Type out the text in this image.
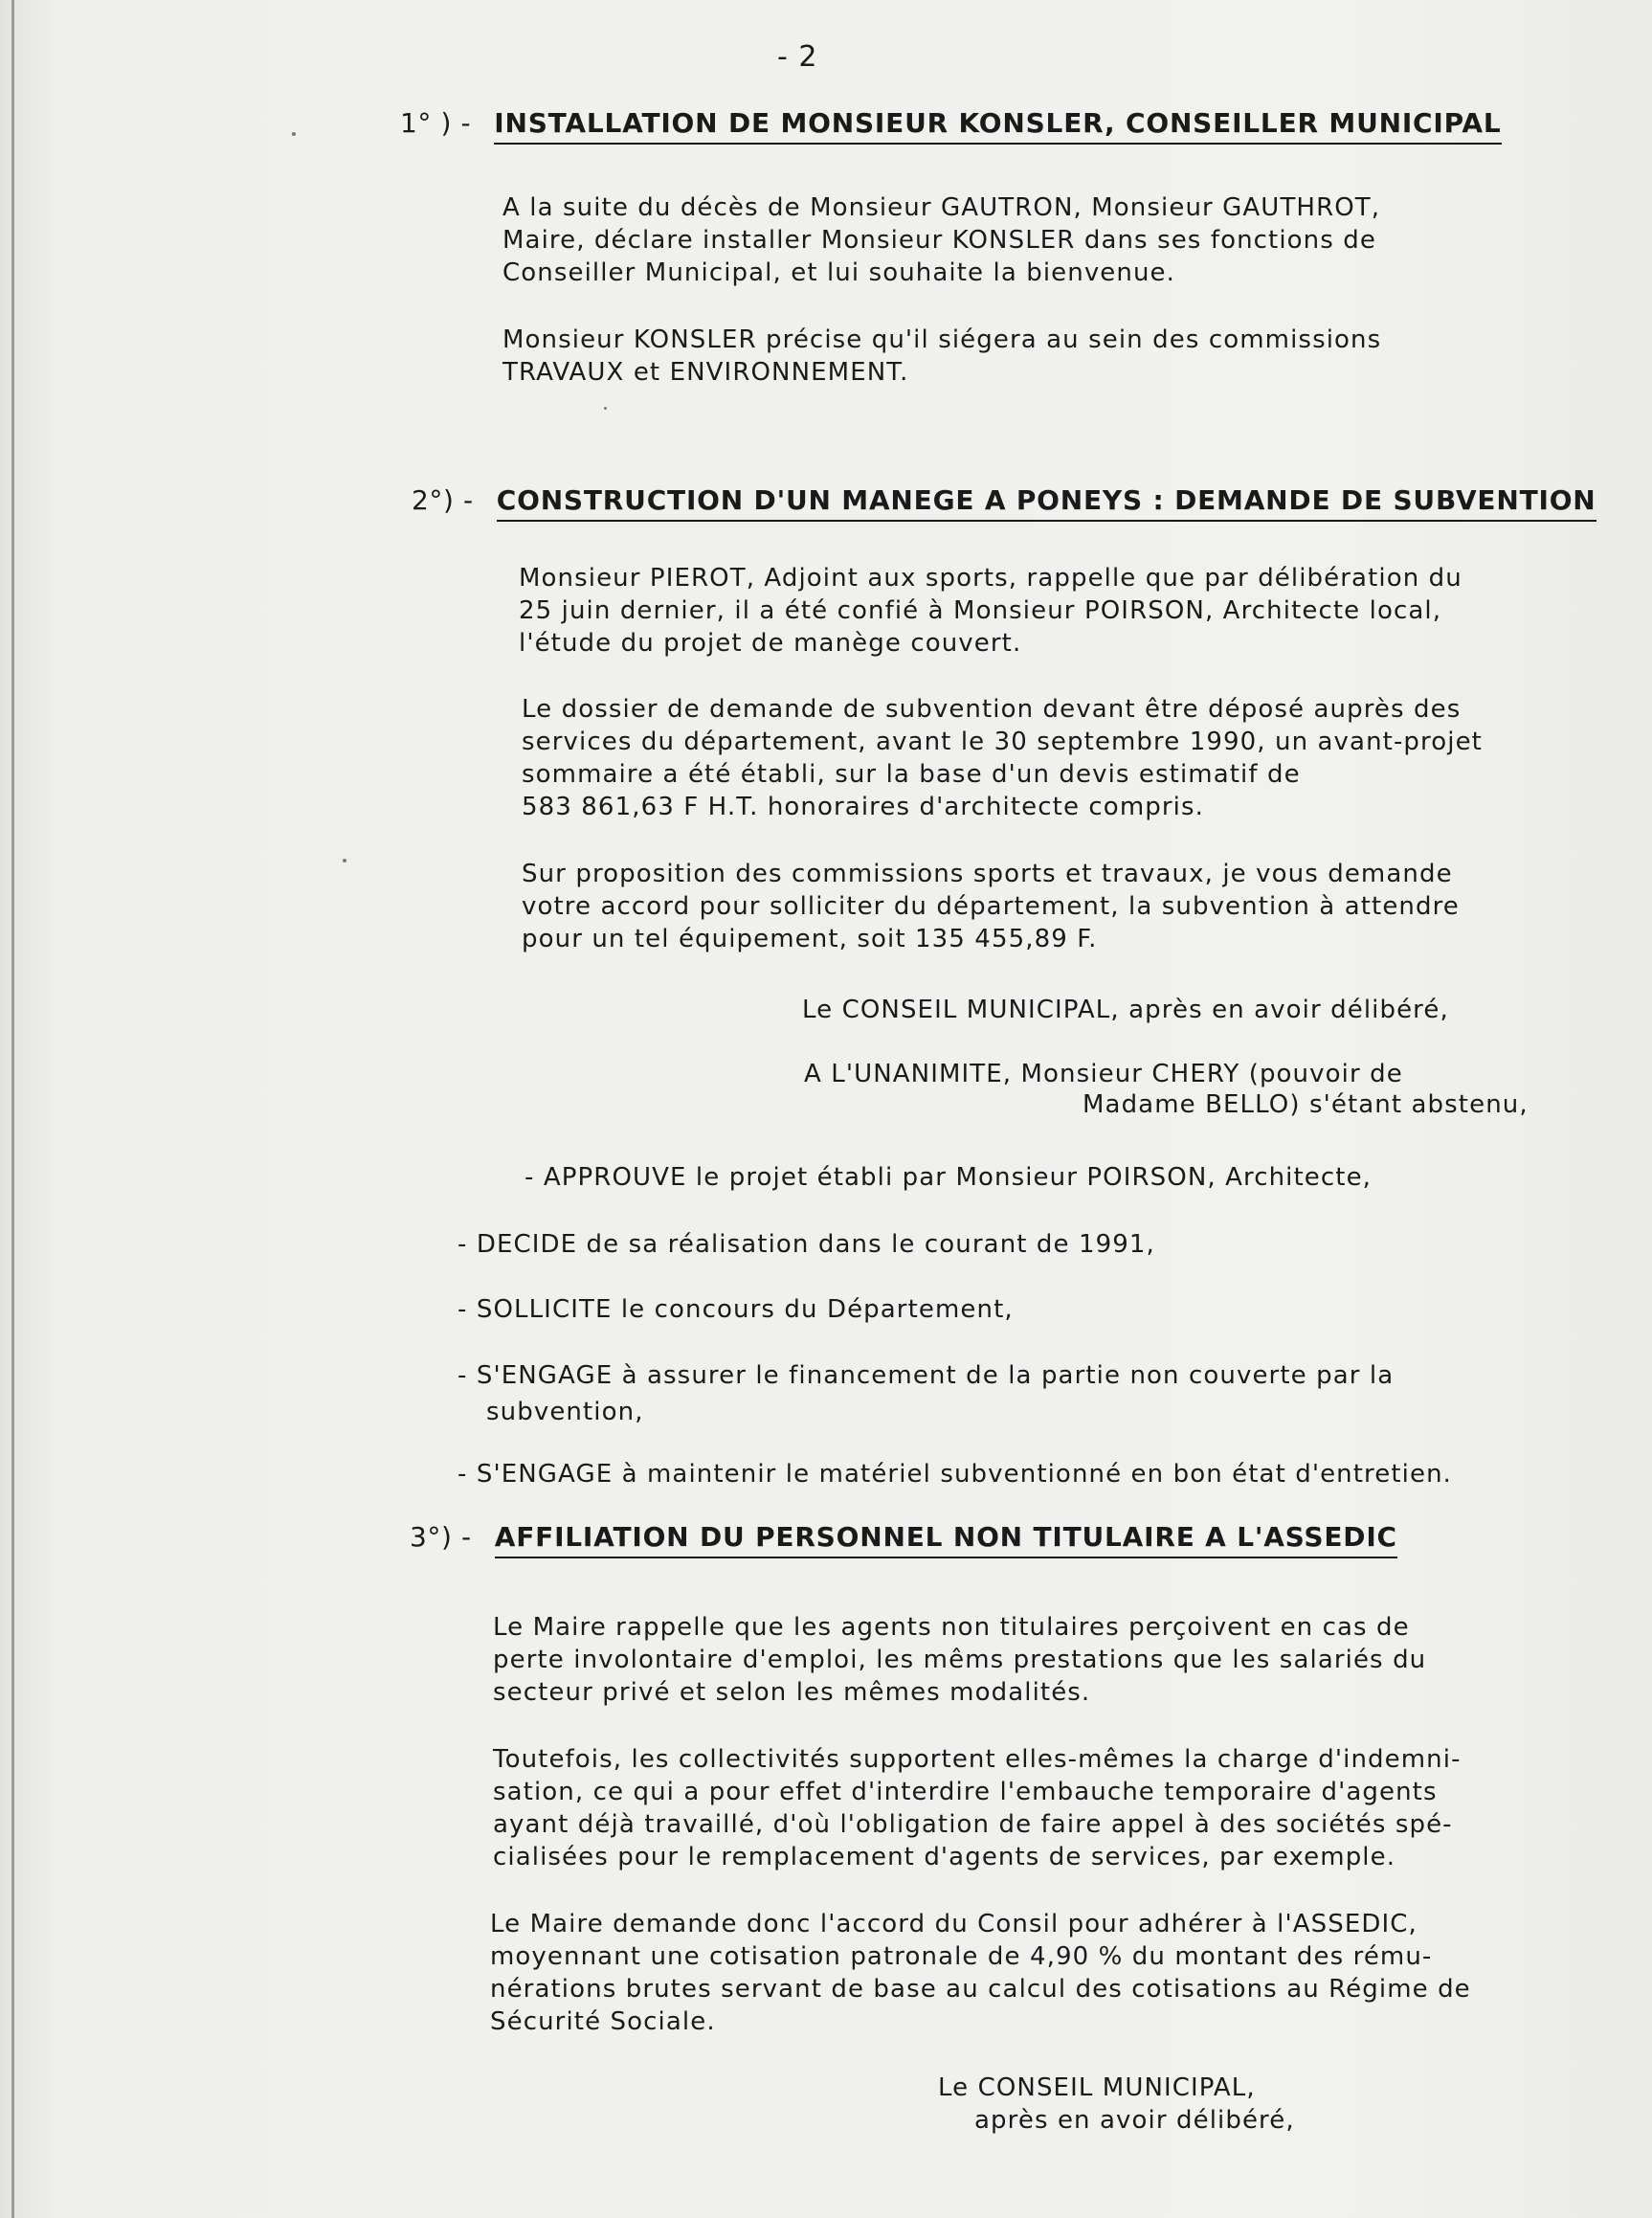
- 2
1° ) - INSTALLATION DE MONSIEUR KONSLER, CONSEILLER MUNICIPAL
A la suite du décès de Monsieur GAUTRON, Monsieur GAUTHROT,
Maire, déclare installer Monsieur KONSLER dans ses fonctions de
Conseiller Municipal, et lui souhaite la bienvenue.
Monsieur KONSLER précise qu'il siégera au sein des commissions
TRAVAUX et ENVIRONNEMENT.
2°) - CONSTRUCTION D'UN MANEGE A PONEYS : DEMANDE DE SUBVENTION
Monsieur PIEROT, Adjoint aux sports, rappelle que par délibération du
25 juin dernier, il a été confié à Monsieur POIRSON, Architecte local,
l'étude du projet de manège couvert.
Le dossier de demande de subvention devant être déposé auprès des
services du département, avant le 30 septembre 1990, un avant-projet
sommaire a été établi, sur la base d'un devis estimatif de
583 861,63 F H.T. honoraires d'architecte compris.
Sur proposition des commissions sports et travaux, je vous demande
votre accord pour solliciter du département, la subvention à attendre
pour un tel équipement, soit 135 455,89 F.
Le CONSEIL MUNICIPAL, après en avoir délibéré,
A L'UNANIMITE, Monsieur CHERY (pouvoir de
Madame BELLO) s'étant abstenu,
- APPROUVE le projet établi par Monsieur POIRSON, Architecte,
- DECIDE de sa réalisation dans le courant de 1991,
- SOLLICITE le concours du Département,
- S'ENGAGE à assurer le financement de la partie non couverte par la
subvention,
- S'ENGAGE à maintenir le matériel subventionné en bon état d'entretien.
3°) - AFFILIATION DU PERSONNEL NON TITULAIRE A L'ASSEDIC
Le Maire rappelle que les agents non titulaires perçoivent en cas de
perte involontaire d'emploi, les mêms prestations que les salariés du
secteur privé et selon les mêmes modalités.
Toutefois, les collectivités supportent elles-mêmes la charge d'indemni-
sation, ce qui a pour effet d'interdire l'embauche temporaire d'agents
ayant déjà travaillé, d'où l'obligation de faire appel à des sociétés spé-
cialisées pour le remplacement d'agents de services, par exemple.
Le Maire demande donc l'accord du Consil pour adhérer à l'ASSEDIC,
moyennant une cotisation patronale de 4,90 % du montant des rému-
nérations brutes servant de base au calcul des cotisations au Régime de
Sécurité Sociale.
Le CONSEIL MUNICIPAL,
après en avoir délibéré,
